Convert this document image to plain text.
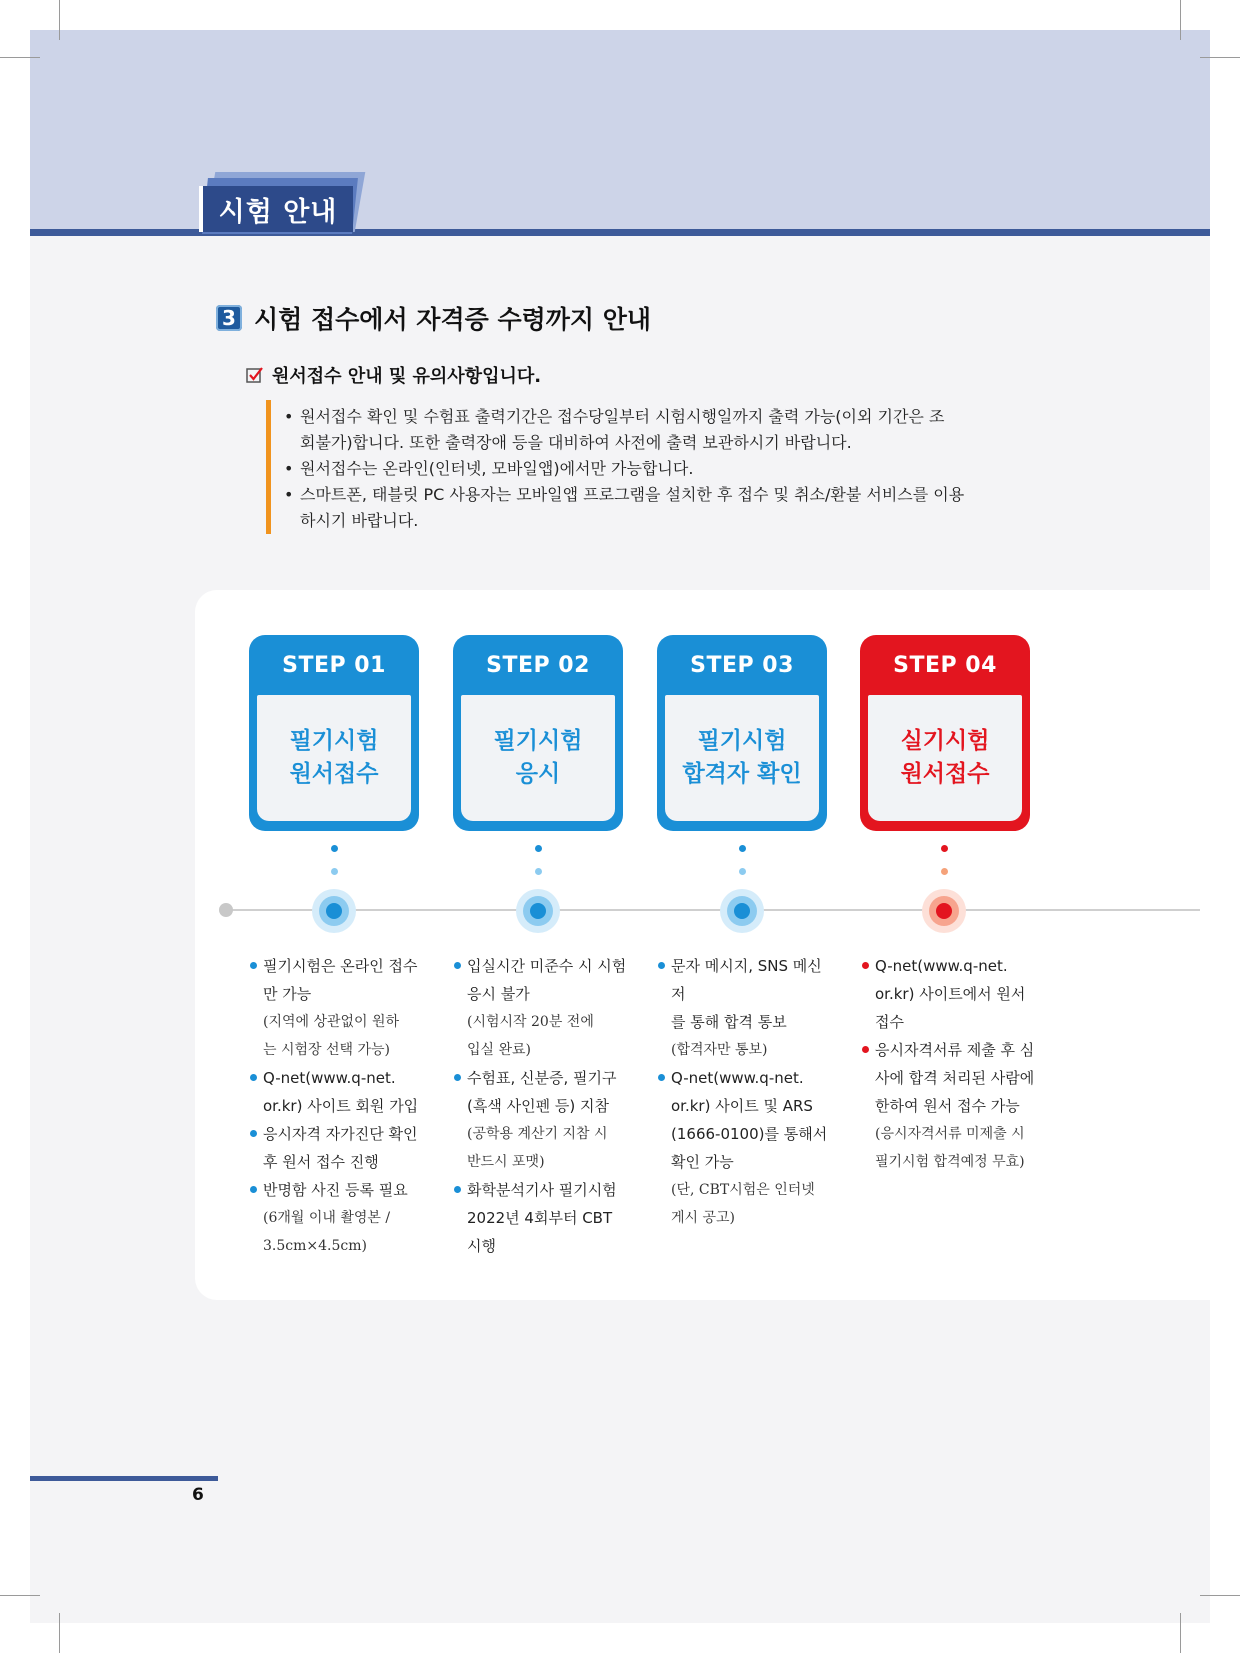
시험 안내
3 시험 접수에서 자격증 수령까지 안내
원서접수 안내 및 유의사항입니다.
• 원서접수 확인 및 수험표 출력기간은 접수당일부터 시험시행일까지 출력 가능(이외 기간은 조
회불가)합니다. 또한 출력장애 등을 대비하여 사전에 출력 보관하시기 바랍니다.
• 원서접수는 온라인(인터넷, 모바일앱)에서만 가능합니다.
• 스마트폰, 태블릿 PC 사용자는 모바일앱 프로그램을 설치한 후 접수 및 취소/환불 서비스를 이용
하시기 바랍니다.
STEP 01
필기시험
원서접수
STEP 02
필기시험
응시
STEP 03
필기시험
합격자 확인
STEP 04
실기시험
원서접수
필기시험은 온라인 접수
만 가능
(지역에 상관없이 원하
는 시험장 선택 가능)
Q-net(www.q-net.
or.kr) 사이트 회원 가입
응시자격 자가진단 확인
후 원서 접수 진행
반명함 사진 등록 필요
(6개월 이내 촬영본 /
3.5cm×4.5cm)
입실시간 미준수 시 시험
응시 불가
(시험시작 20분 전에
입실 완료)
수험표, 신분증, 필기구
(흑색 사인펜 등) 지참
(공학용 계산기 지참 시
반드시 포맷)
화학분석기사 필기시험
2022년 4회부터 CBT
시행
문자 메시지, SNS 메신저
를 통해 합격 통보
(합격자만 통보)
Q-net(www.q-net.
or.kr) 사이트 및 ARS
(1666-0100)를 통해서
확인 가능
(단, CBT시험은 인터넷
게시 공고)
Q-net(www.q-net.
or.kr) 사이트에서 원서
접수
응시자격서류 제출 후 심
사에 합격 처리된 사람에
한하여 원서 접수 가능
(응시자격서류 미제출 시
필기시험 합격예정 무효)
6
